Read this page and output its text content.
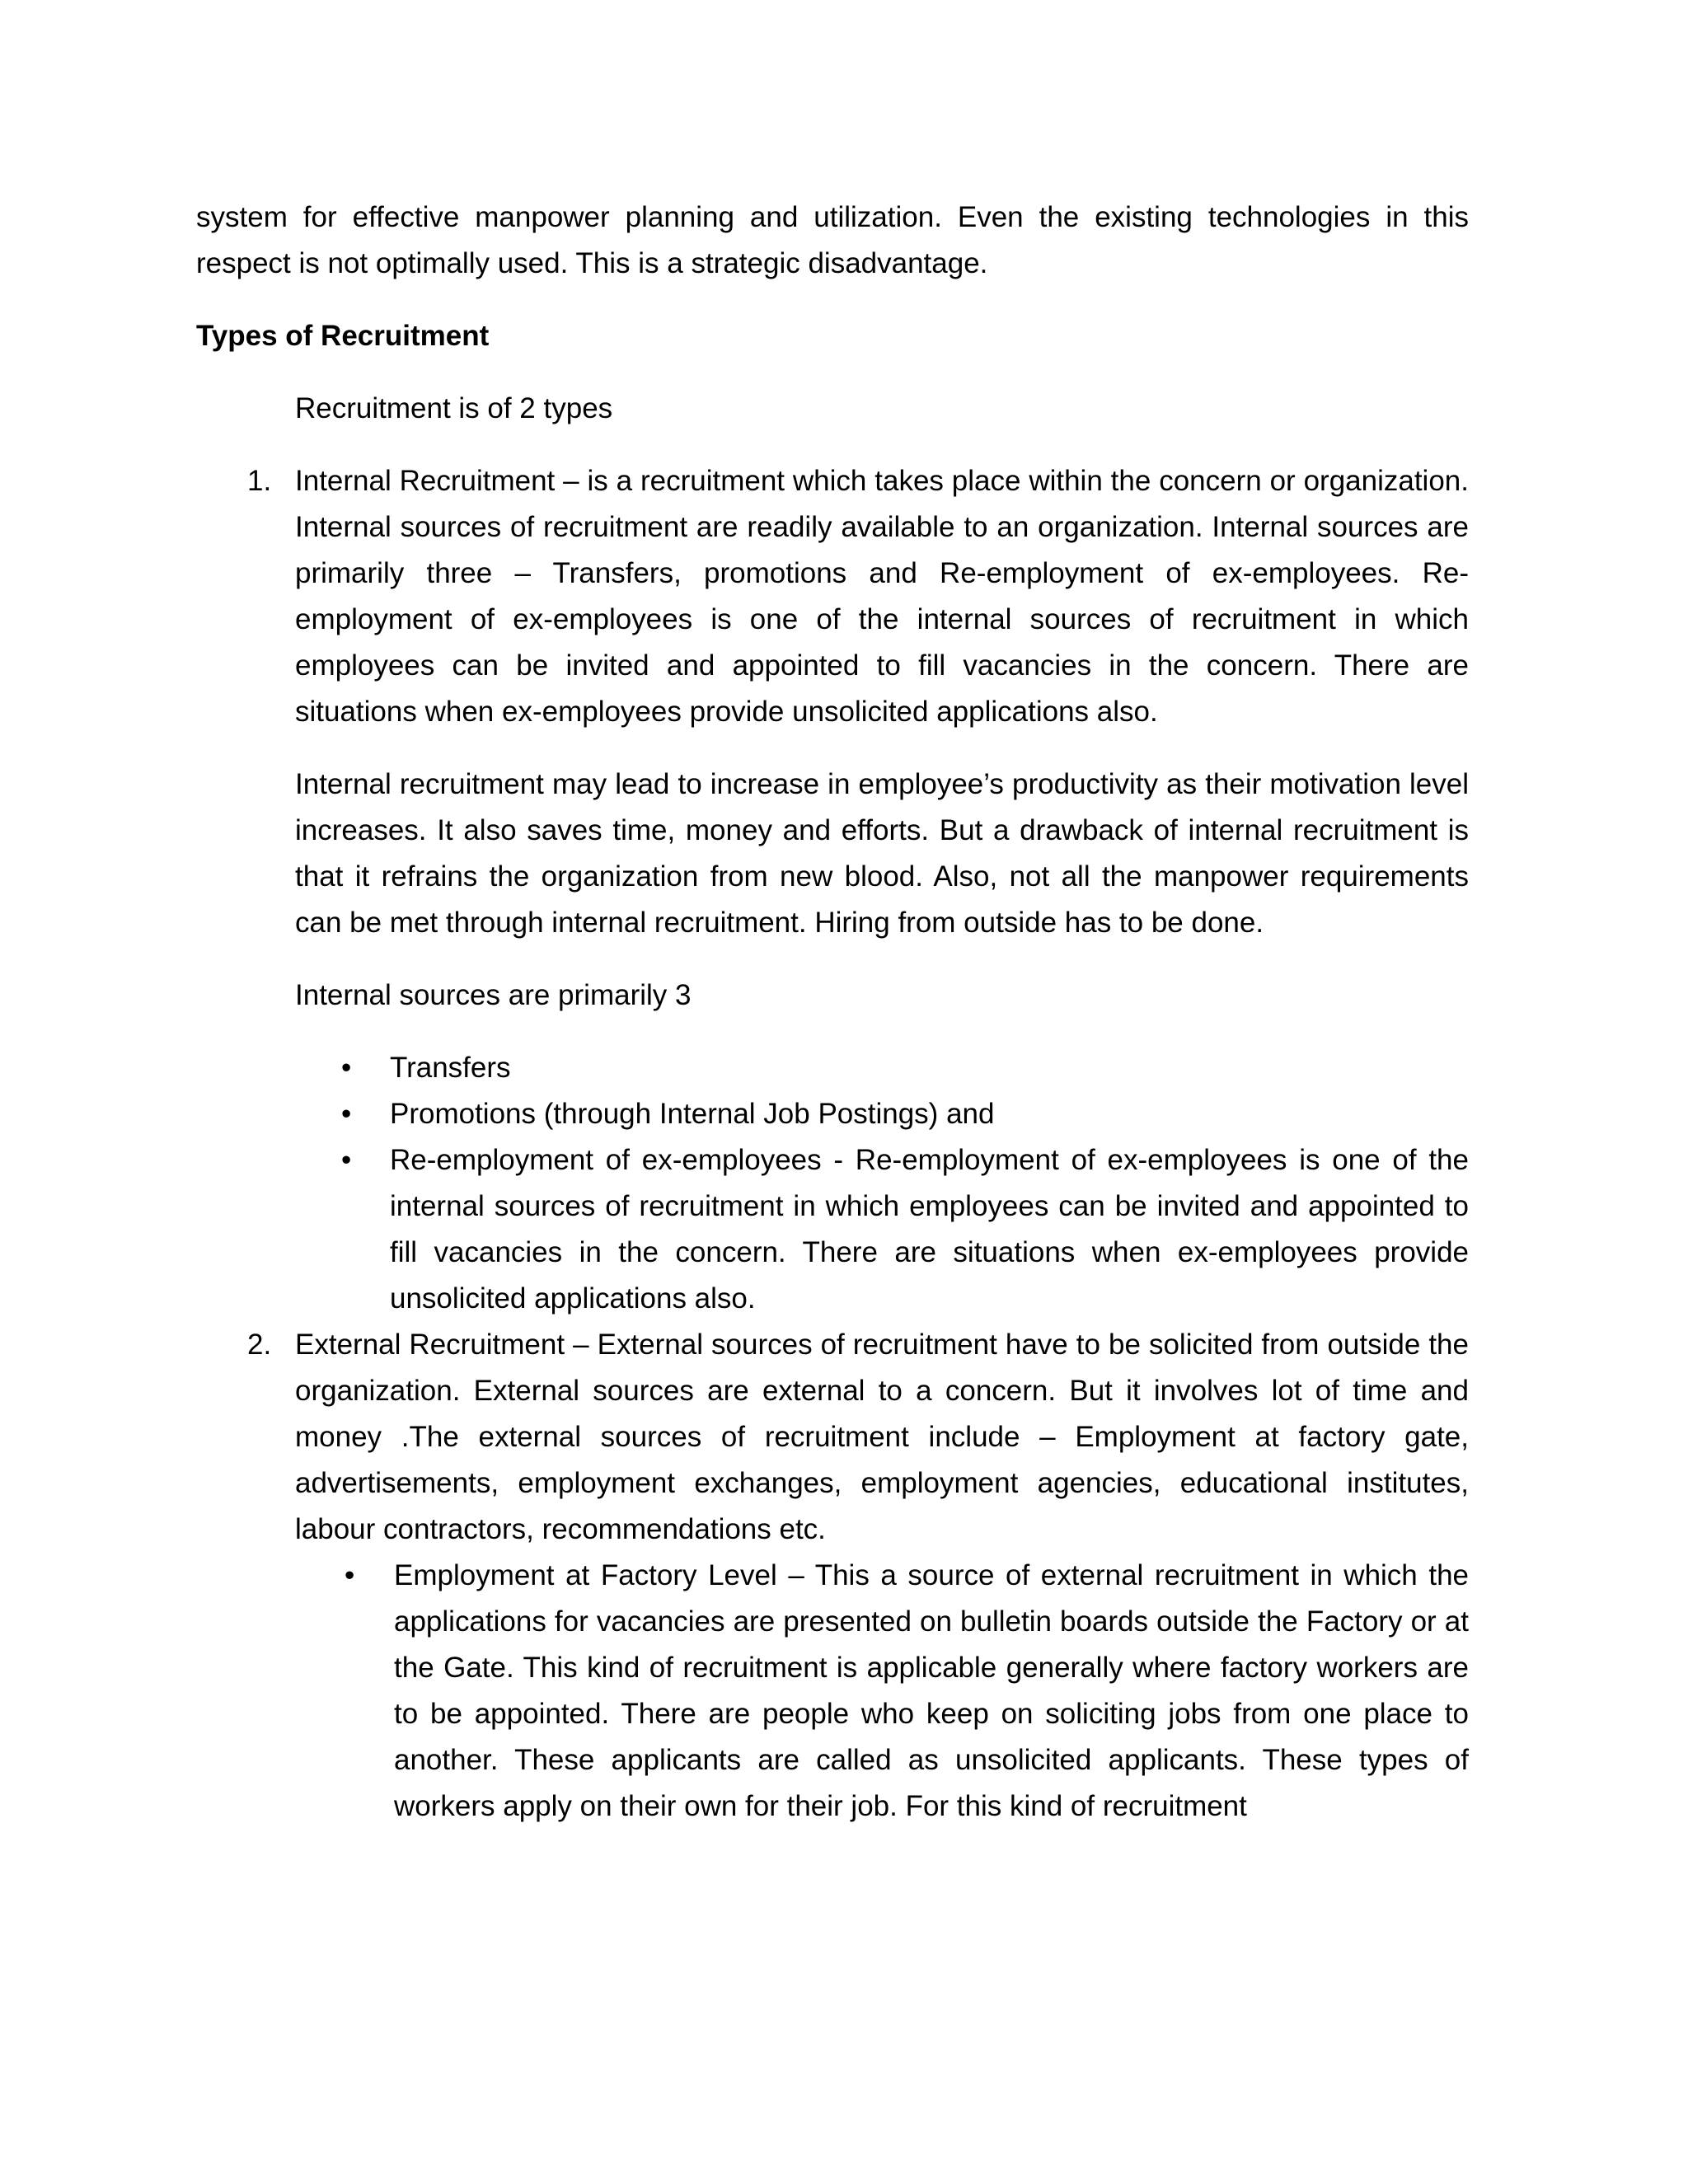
system for effective manpower planning and utilization. Even the existing technologies in this respect is not optimally used. This is a strategic disadvantage.

Types of Recruitment

Recruitment is of 2 types

1. Internal Recruitment – is a recruitment which takes place within the concern or organization. Internal sources of recruitment are readily available to an organization. Internal sources are primarily three – Transfers, promotions and Re-employment of ex-employees. Re-employment of ex-employees is one of the internal sources of recruitment in which employees can be invited and appointed to fill vacancies in the concern. There are situations when ex-employees provide unsolicited applications also.

Internal recruitment may lead to increase in employee’s productivity as their motivation level increases. It also saves time, money and efforts. But a drawback of internal recruitment is that it refrains the organization from new blood. Also, not all the manpower requirements can be met through internal recruitment. Hiring from outside has to be done.

Internal sources are primarily 3

• Transfers
• Promotions (through Internal Job Postings) and
• Re-employment of ex-employees - Re-employment of ex-employees is one of the internal sources of recruitment in which employees can be invited and appointed to fill vacancies in the concern. There are situations when ex-employees provide unsolicited applications also.
2. External Recruitment – External sources of recruitment have to be solicited from outside the organization. External sources are external to a concern. But it involves lot of time and money .The external sources of recruitment include – Employment at factory gate, advertisements, employment exchanges, employment agencies, educational institutes, labour contractors, recommendations etc.

• Employment at Factory Level – This a source of external recruitment in which the applications for vacancies are presented on bulletin boards outside the Factory or at the Gate. This kind of recruitment is applicable generally where factory workers are to be appointed. There are people who keep on soliciting jobs from one place to another. These applicants are called as unsolicited applicants. These types of workers apply on their own for their job. For this kind of recruitment
